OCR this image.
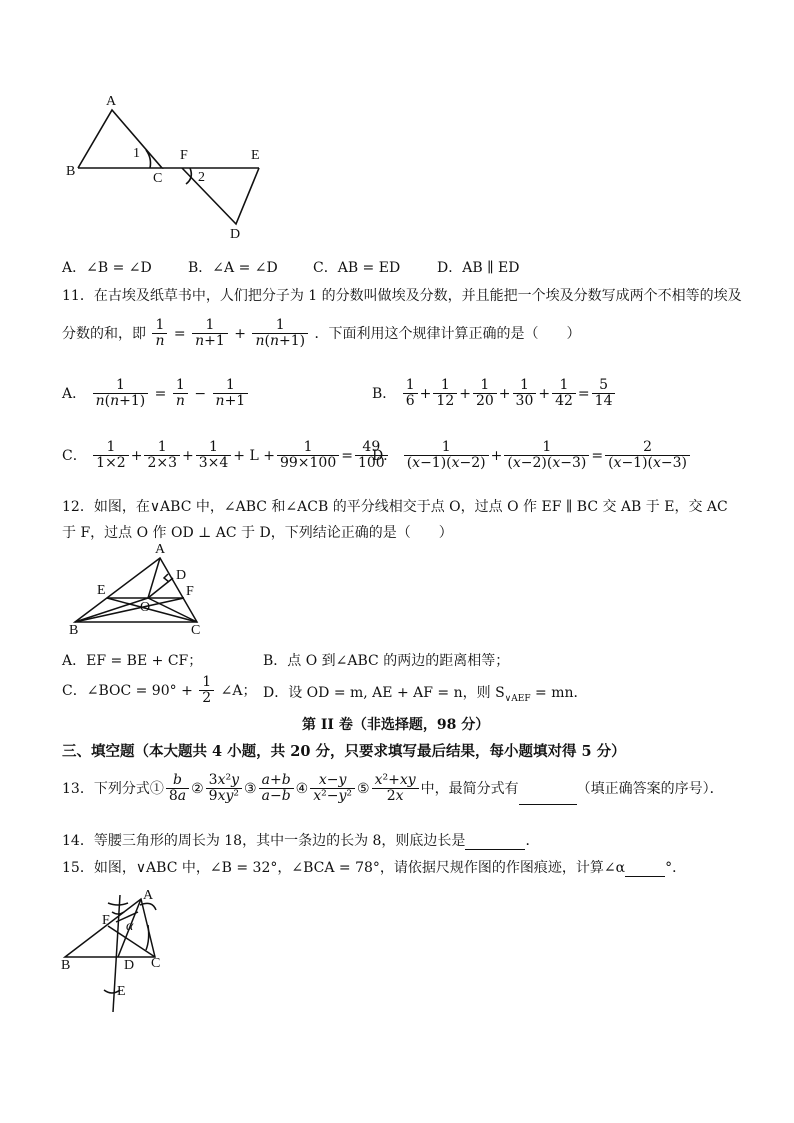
A
B	C
F	E
D
1
2
A．∠B = ∠D	B．∠A = ∠D	C．AB = ED	D．AB ∥ ED
11．在古埃及纸草书中，人们把分子为 1 的分数叫做埃及分数，并且能把一个埃及分数写成两个不相等的埃及
分数的和，即 $\frac{1}{n} = \frac{1}{n+1} + \frac{1}{n(n+1)}$ ．下面利用这个规律计算正确的是（　　）
A． $\frac{1}{n(n+1)} = \frac{1}{n} - \frac{1}{n+1}$	B． $\frac{1}{6} + \frac{1}{12} + \frac{1}{20} + \frac{1}{30} + \frac{1}{42} = \frac{5}{14}$
C． $\frac{1}{1\times 2} + \frac{1}{2\times 3} + \frac{1}{3\times 4} + L + \frac{1}{99\times 100} = \frac{49}{100}$
D． $\frac{1}{(x-1)(x-2)} + \frac{1}{(x-2)(x-3)} = \frac{2}{(x-1)(x-3)}$
12．如图，在∨ABC 中，∠ABC 和∠ACB 的平分线相交于点 O，过点 O 作 EF ∥ BC 交 AB 于 E，交 AC
于 F，过点 O 作 OD ⊥ AC 于 D，下列结论正确的是（　　）
A
D
E	F
O
B	C
A．EF = BE + CF；	B．点 O 到∠ABC 的两边的距离相等；
C．∠BOC = $90^\circ + \frac{1}{2}$ ∠A； D．设 OD = m, AE + AF = n，则 $S_{\vee AEF}$ = mn．
第 II 卷（非选择题，98 分）
三、填空题（本大题共 4 小题，共 20 分，只要求填写最后结果，每小题填对得 5 分）
13．下列分式① $\frac{b}{8a}$ ② $\frac{\text{3x²y}}{\text{9xy²}}$ ③ $\frac{a+b}{a-b}$ ④ $\frac{x-y}{\text{x²−y²}}$ ⑤ $\frac{\text{x²+xy}}{2x}$ 中，最简分式有	（填正确答案的序号）．
14．等腰三角形的周长为 18，其中一条边的长为 8，则底边长是	．
15．如图，∨ABC 中，∠B = 32°，∠BCA = 78°，请依据尺规作图的作图痕迹，计算∠α	°．
A
F α
B	D C
E
